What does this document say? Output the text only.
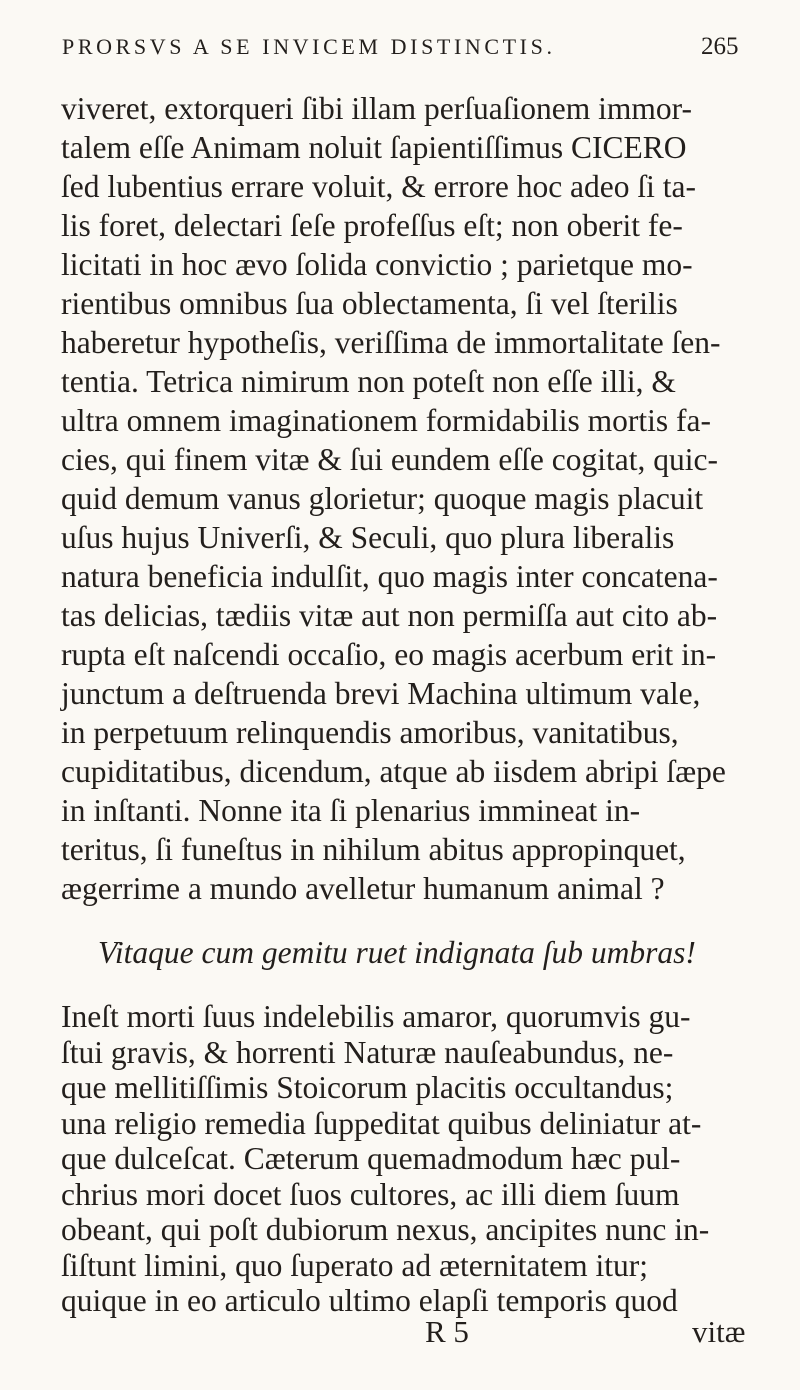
PRORSVS A SE INVICEM DISTINCTIS.	265
viveret, extorqueri ſibi illam perſuaſionem immor-
talem eſſe Animam noluit ſapientiſſimus CICERO
ſed lubentius errare voluit, & errore hoc adeo ſi ta-
lis foret, delectari ſeſe profeſſus eſt; non oberit fe-
licitati in hoc ævo ſolida convictio ; parietque mo-
rientibus omnibus ſua oblectamenta, ſi vel ſterilis
haberetur hypotheſis, veriſſima de immortalitate ſen-
tentia. Tetrica nimirum non poteſt non eſſe illi, &
ultra omnem imaginationem formidabilis mortis fa-
cies, qui finem vitæ & ſui eundem eſſe cogitat, quic-
quid demum vanus glorietur; quoque magis placuit
uſus hujus Univerſi, & Seculi, quo plura liberalis
natura beneficia indulſit, quo magis inter concatena-
tas delicias, tædiis vitæ aut non permiſſa aut cito ab-
rupta eſt naſcendi occaſio, eo magis acerbum erit in-
junctum a deſtruenda brevi Machina ultimum vale,
in perpetuum relinquendis amoribus, vanitatibus,
cupiditatibus, dicendum, atque ab iisdem abripi ſæpe
in inſtanti. Nonne ita ſi plenarius immineat in-
teritus, ſi funeſtus in nihilum abitus appropinquet,
ægerrime a mundo avelletur humanum animal ?
Vitaque cum gemitu ruet indignata ſub umbras!
Ineſt morti ſuus indelebilis amaror, quorumvis gu-
ſtui gravis, & horrenti Naturæ nauſeabundus, ne-
que mellitiſſimis Stoicorum placitis occultandus;
una religio remedia ſuppeditat quibus deliniatur at-
que dulceſcat. Cæterum quemadmodum hæc pul-
chrius mori docet ſuos cultores, ac illi diem ſuum
obeant, qui poſt dubiorum nexus, ancipites nunc in-
ſiſtunt limini, quo ſuperato ad æternitatem itur;
R 5	vitæ
quique in eo articulo ultimo elapſi temporis quod
